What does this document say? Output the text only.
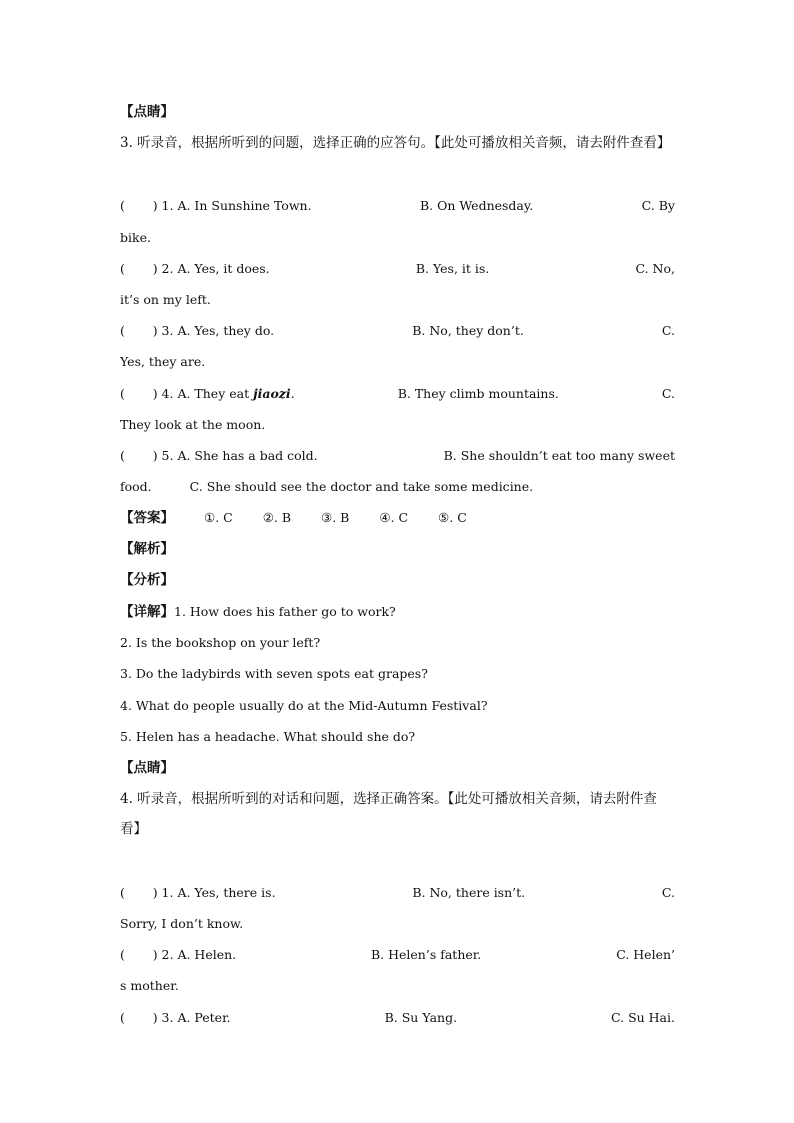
【点睛】
3. 听录音，根据所听到的问题，选择正确的应答句。【此处可播放相关音频，请去附件查看】
(       ) 1. A. In Sunshine Town.	B. On Wednesday.	C. By
bike.
(       ) 2. A. Yes, it does.	B. Yes, it is.	C. No,
it’s on my left.
(       ) 3. A. Yes, they do.	B. No, they don’t.	C.
Yes, they are.
(       ) 4. A. They eat jiaozi.	B. They climb mountains.	C.
They look at the moon.
(       ) 5. A. She has a bad cold.	B. She shouldn’t eat too many sweet
food.	C. She should see the doctor and take some medicine.
【答案】 ①. C ②. B ③. B ④. C ⑤. C
【解析】
【分析】
【详解】1. How does his father go to work?
2. Is the bookshop on your left?
3. Do the ladybirds with seven spots eat grapes?
4. What do people usually do at the Mid-Autumn Festival?
5. Helen has a headache. What should she do?
【点睛】
4. 听录音，根据所听到的对话和问题，选择正确答案。【此处可播放相关音频，请去附件查
看】
(       ) 1. A. Yes, there is.	B. No, there isn’t.	C.
Sorry, I don’t know.
(       ) 2. A. Helen.	B. Helen’s father.	C. Helen’
s mother.
(       ) 3. A. Peter.	B. Su Yang.	C. Su Hai.
